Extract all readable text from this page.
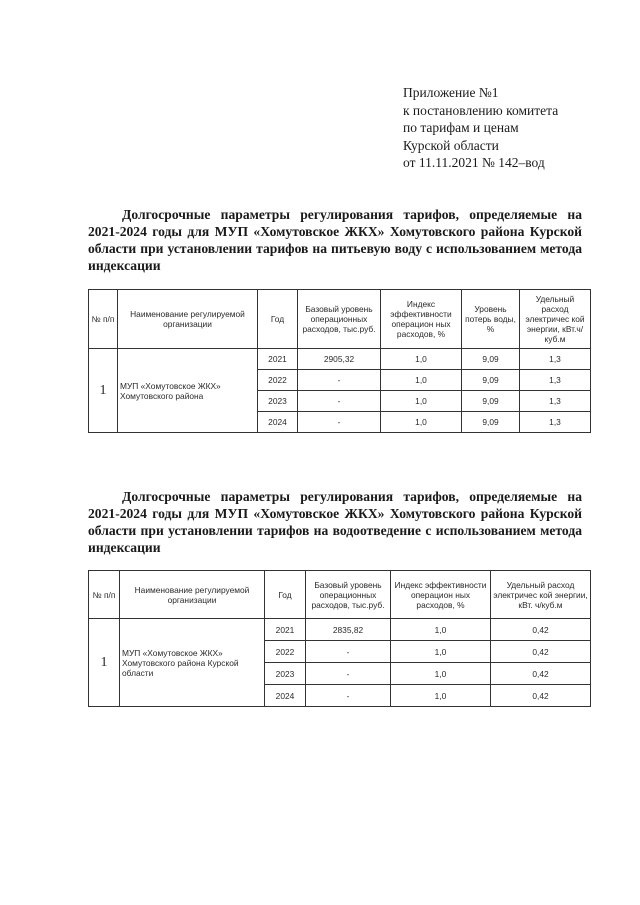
Приложение №1
к постановлению комитета
по тарифам и ценам
Курской области
от 11.11.2021 № 142–вод
Долгосрочные параметры регулирования тарифов, определяемые на 2021-2024 годы для МУП «Хомутовское ЖКХ» Хомутовского района Курской области при установлении тарифов на питьевую воду с использованием метода индексации
№ п/п	Наименование регулируемой организации	Год	Базовый уровень операционных расходов, тыс.руб.	Индекс эффективности операцион ных расходов, %	Уровень потерь воды, %	Удельный расход электричес кой энергии, кВт.ч/куб.м
1	МУП «Хомутовское ЖКХ» Хомутовского района	2021	2905,32	1,0	9,09	1,3
		2022	-	1,0	9,09	1,3
		2023	-	1,0	9,09	1,3
		2024	-	1,0	9,09	1,3
Долгосрочные параметры регулирования тарифов, определяемые на 2021-2024 годы для МУП «Хомутовское ЖКХ» Хомутовского района Курской области при установлении тарифов на водоотведение с использованием метода индексации
№ п/п	Наименование регулируемой организации	Год	Базовый уровень операционных расходов, тыс.руб.	Индекс эффективности операцион ных расходов, %	Удельный расход электричес кой энергии, кВт. ч/куб.м
1	МУП «Хомутовское ЖКХ» Хомутовского района Курской области	2021	2835,82	1,0	0,42
		2022	-	1,0	0,42
		2023	-	1,0	0,42
		2024	-	1,0	0,42
